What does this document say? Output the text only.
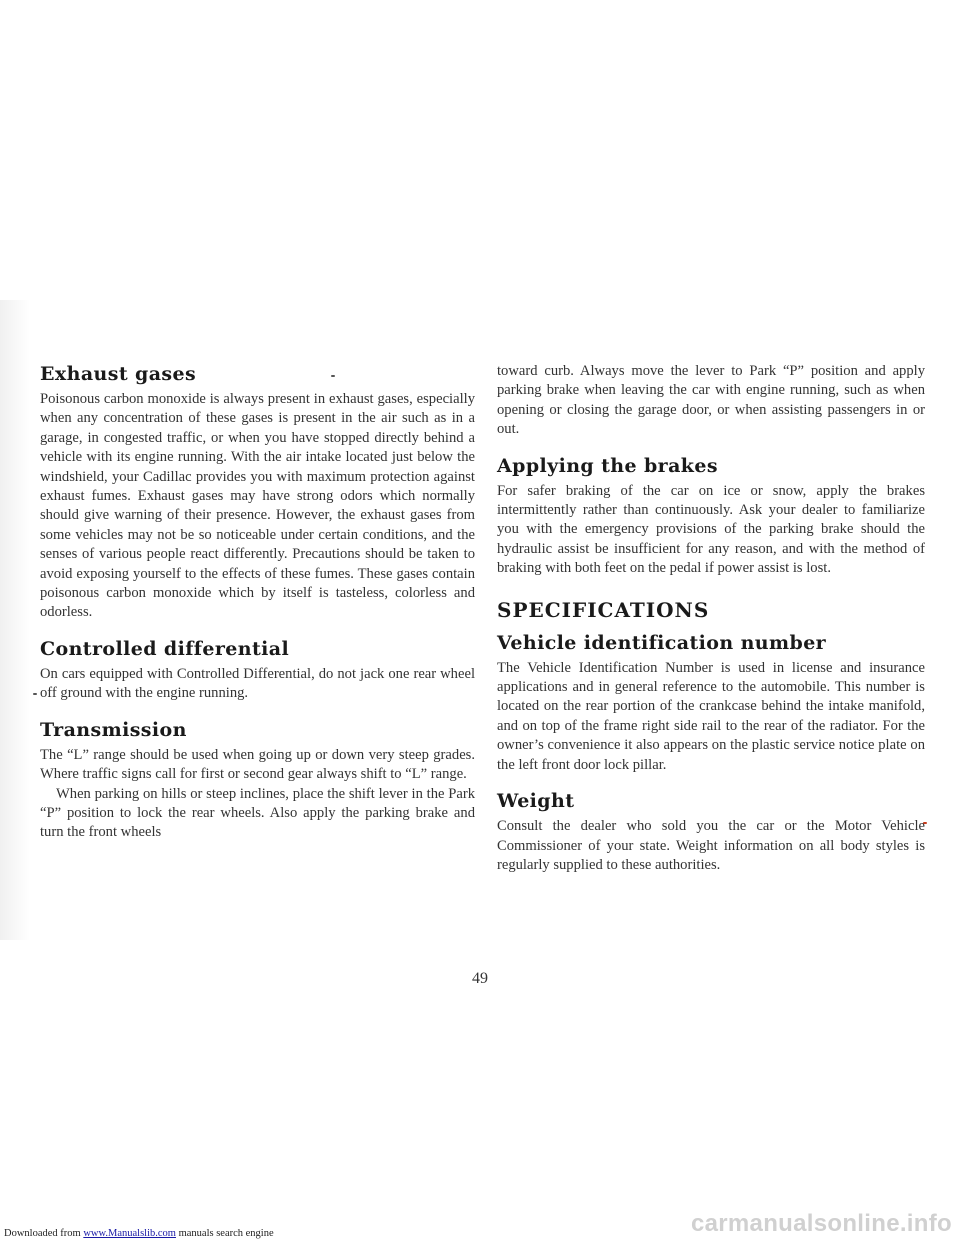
Exhaust gases

Poisonous carbon monoxide is always present in exhaust gases, especially when any concentration of these gases is present in the air such as in a garage, in congested traffic, or when you have stopped directly behind a vehicle with its engine running. With the air intake located just below the windshield, your Cadillac provides you with maximum protection against exhaust fumes. Exhaust gases may have strong odors which normally should give warning of their presence. However, the exhaust gases from some vehicles may not be so noticeable under certain conditions, and the senses of various people react differently. Precautions should be taken to avoid exposing yourself to the effects of these fumes. These gases contain poisonous carbon monoxide which by itself is tasteless, colorless and odorless.

Controlled differential

On cars equipped with Controlled Differential, do not jack one rear wheel off ground with the engine running.

Transmission

The “L” range should be used when going up or down very steep grades. Where traffic signs call for first or second gear always shift to “L” range.

When parking on hills or steep inclines, place the shift lever in the Park “P” position to lock the rear wheels. Also apply the parking brake and turn the front wheels

toward curb. Always move the lever to Park “P” position and apply parking brake when leaving the car with engine running, such as when opening or closing the garage door, or when assisting passengers in or out.

Applying the brakes

For safer braking of the car on ice or snow, apply the brakes intermittently rather than continuously. Ask your dealer to familiarize you with the emergency provisions of the parking brake should the hydraulic assist be insufficient for any reason, and with the method of braking with both feet on the pedal if power assist is lost.

SPECIFICATIONS
Vehicle identification number

The Vehicle Identification Number is used in license and insurance applications and in general reference to the automobile. This number is located on the rear portion of the crankcase behind the intake manifold, and on top of the frame right side rail to the rear of the radiator. For the owner’s convenience it also appears on the plastic service notice plate on the left front door lock pillar.

Weight

Consult the dealer who sold you the car or the Motor Vehicle Commissioner of your state. Weight information on all body styles is regularly supplied to these authorities.

49
Downloaded from www.Manualslib.com manuals search engine	carmanualsonline.info
